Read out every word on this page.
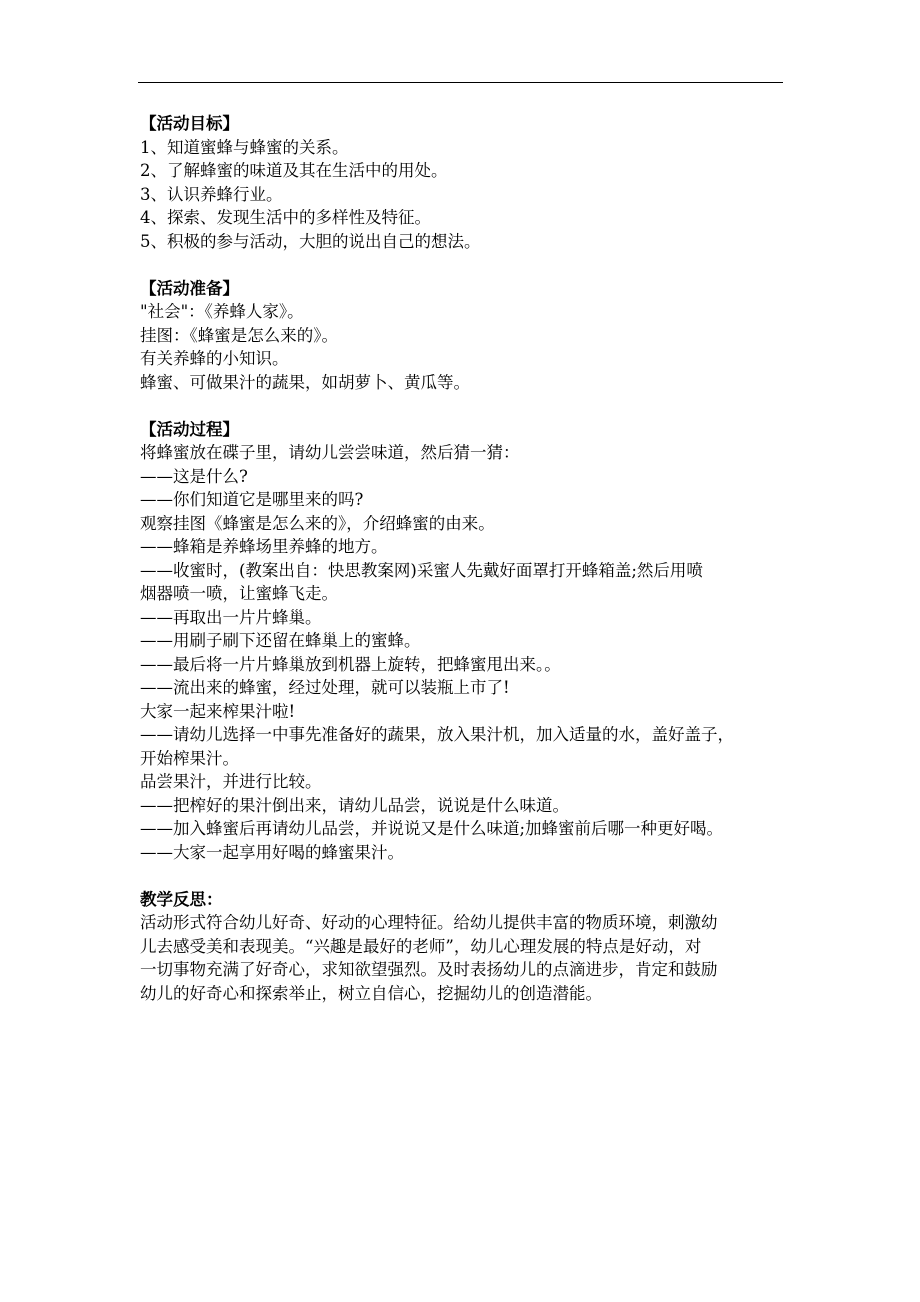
【活动目标】
1、知道蜜蜂与蜂蜜的关系。
2、了解蜂蜜的味道及其在生活中的用处。
3、认识养蜂行业。
4、探索、发现生活中的多样性及特征。
5、积极的参与活动，大胆的说出自己的想法。
【活动准备】
"社会"：《养蜂人家》。
挂图：《蜂蜜是怎么来的》。
有关养蜂的小知识。
蜂蜜、可做果汁的蔬果，如胡萝卜、黄瓜等。
【活动过程】
将蜂蜜放在碟子里，请幼儿尝尝味道，然后猜一猜：
——这是什么?
——你们知道它是哪里来的吗?
观察挂图《蜂蜜是怎么来的》，介绍蜂蜜的由来。
——蜂箱是养蜂场里养蜂的地方。
——收蜜时，(教案出自：快思教案网)采蜜人先戴好面罩打开蜂箱盖;然后用喷
烟器喷一喷，让蜜蜂飞走。
——再取出一片片蜂巢。
——用刷子刷下还留在蜂巢上的蜜蜂。
——最后将一片片蜂巢放到机器上旋转，把蜂蜜甩出来。。
——流出来的蜂蜜，经过处理，就可以装瓶上市了!
大家一起来榨果汁啦!
——请幼儿选择一中事先准备好的蔬果，放入果汁机，加入适量的水，盖好盖子，
开始榨果汁。
品尝果汁，并进行比较。
——把榨好的果汁倒出来，请幼儿品尝，说说是什么味道。
——加入蜂蜜后再请幼儿品尝，并说说又是什么味道;加蜂蜜前后哪一种更好喝。
——大家一起享用好喝的蜂蜜果汁。
教学反思：
活动形式符合幼儿好奇、好动的心理特征。给幼儿提供丰富的物质环境，刺激幼
儿去感受美和表现美。“兴趣是最好的老师”，幼儿心理发展的特点是好动，对
一切事物充满了好奇心，求知欲望强烈。及时表扬幼儿的点滴进步，肯定和鼓励
幼儿的好奇心和探索举止，树立自信心，挖掘幼儿的创造潜能。
